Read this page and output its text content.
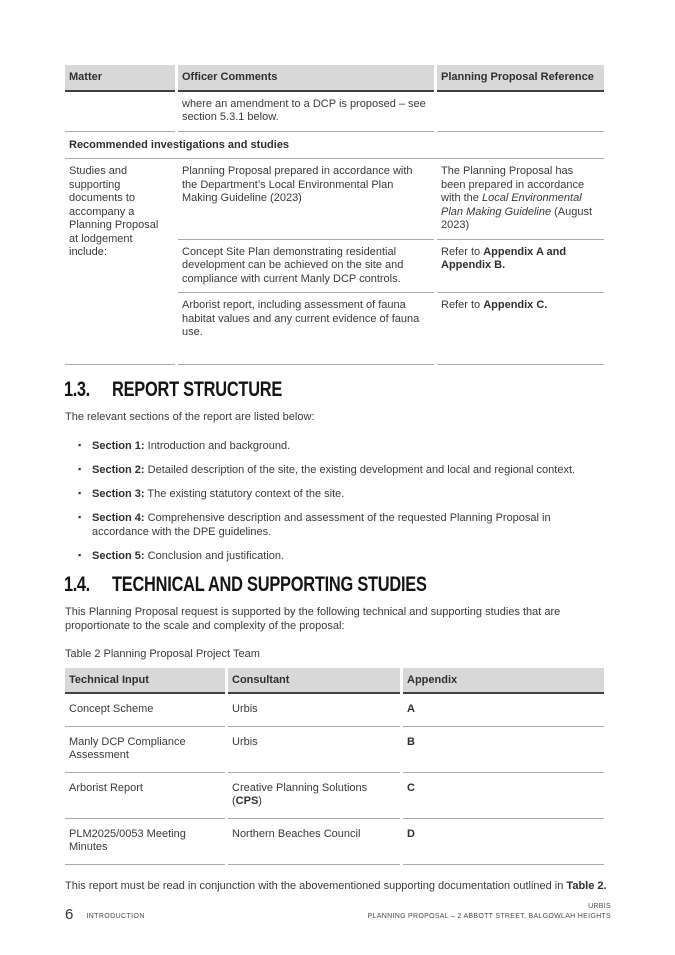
Matter	Officer Comments	Planning Proposal Reference
	where an amendment to a DCP is proposed – see section 5.3.1 below.	
Recommended investigations and studies		
Studies and supporting documents to accompany a Planning Proposal at lodgement include:	Planning Proposal prepared in accordance with the Department’s Local Environmental Plan Making Guideline (2023)	The Planning Proposal has been prepared in accordance with the Local Environmental Plan Making Guideline (August 2023)
	Concept Site Plan demonstrating residential development can be achieved on the site and compliance with current Manly DCP controls.	Refer to Appendix A and Appendix B.
	Arborist report, including assessment of fauna habitat values and any current evidence of fauna use.	Refer to Appendix C.
1.3.	REPORT STRUCTURE

The relevant sections of the report are listed below:

▪ Section 1: Introduction and background.
▪ Section 2: Detailed description of the site, the existing development and local and regional context.
▪ Section 3: The existing statutory context of the site.
▪ Section 4: Comprehensive description and assessment of the requested Planning Proposal in accordance with the DPE guidelines.
▪ Section 5: Conclusion and justification.
1.4.	TECHNICAL AND SUPPORTING STUDIES

This Planning Proposal request is supported by the following technical and supporting studies that are proportionate to the scale and complexity of the proposal:

Table 2 Planning Proposal Project Team

Technical Input	Consultant	Appendix
Concept Scheme	Urbis	A
Manly DCP Compliance Assessment	Urbis	B
Arborist Report	Creative Planning Solutions (CPS)	C
PLM2025/0053 Meeting Minutes	Northern Beaches Council	D

This report must be read in conjunction with the abovementioned supporting documentation outlined in Table 2.

6 INTRODUCTION
URBIS
PLANNING PROPOSAL – 2 ABBOTT STREET, BALGOWLAH HEIGHTS
